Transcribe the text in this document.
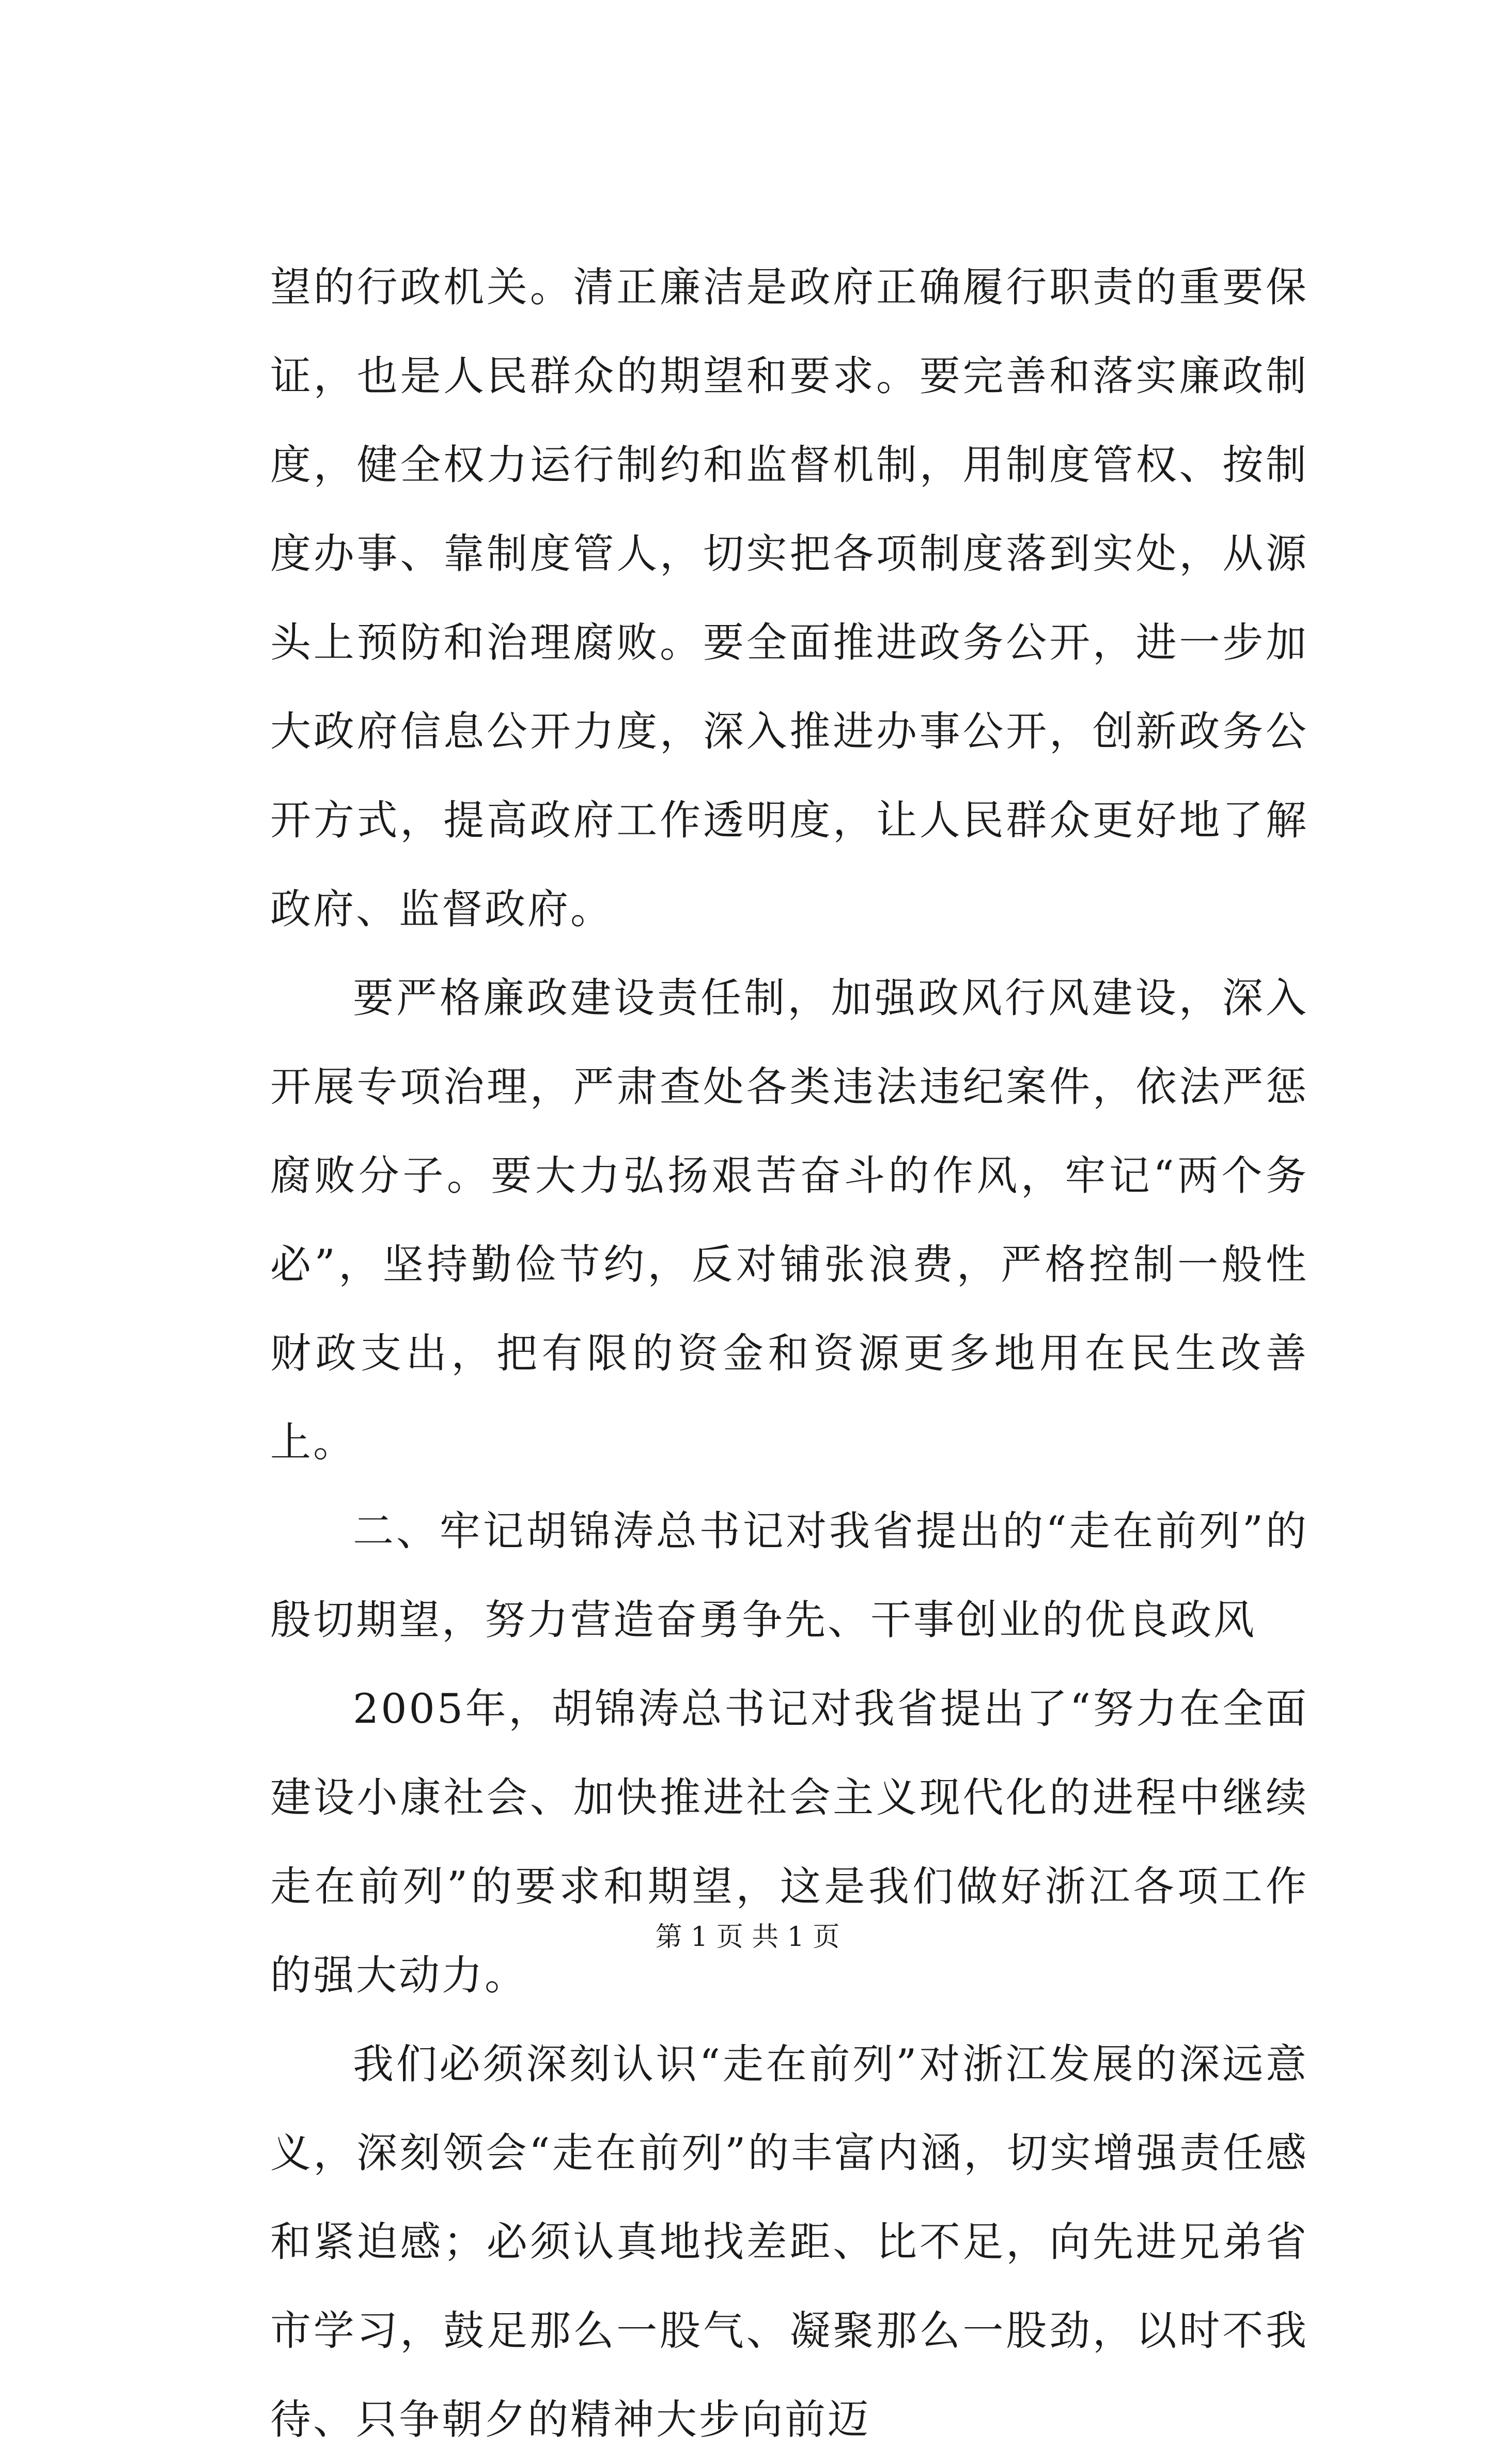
望的行政机关。清正廉洁是政府正确履行职责的重要保证，也是人民群众的期望和要求。要完善和落实廉政制度，健全权力运行制约和监督机制，用制度管权、按制度办事、靠制度管人，切实把各项制度落到实处，从源头上预防和治理腐败。要全面推进政务公开，进一步加大政府信息公开力度，深入推进办事公开，创新政务公开方式，提高政府工作透明度，让人民群众更好地了解政府、监督政府。

要严格廉政建设责任制，加强政风行风建设，深入开展专项治理，严肃查处各类违法违纪案件，依法严惩腐败分子。要大力弘扬艰苦奋斗的作风，牢记“两个务必”，坚持勤俭节约，反对铺张浪费，严格控制一般性财政支出，把有限的资金和资源更多地用在民生改善上。

二、牢记胡锦涛总书记对我省提出的“走在前列”的殷切期望，努力营造奋勇争先、干事创业的优良政风

2005年，胡锦涛总书记对我省提出了“努力在全面建设小康社会、加快推进社会主义现代化的进程中继续走在前列”的要求和期望，这是我们做好浙江各项工作的强大动力。

我们必须深刻认识“走在前列”对浙江发展的深远意义，深刻领会“走在前列”的丰富内涵，切实增强责任感和紧迫感；必须认真地找差距、比不足，向先进兄弟省市学习，鼓足那么一股气、凝聚那么一股劲，以时不我待、只争朝夕的精神大步向前迈

第 1 页 共 1 页
